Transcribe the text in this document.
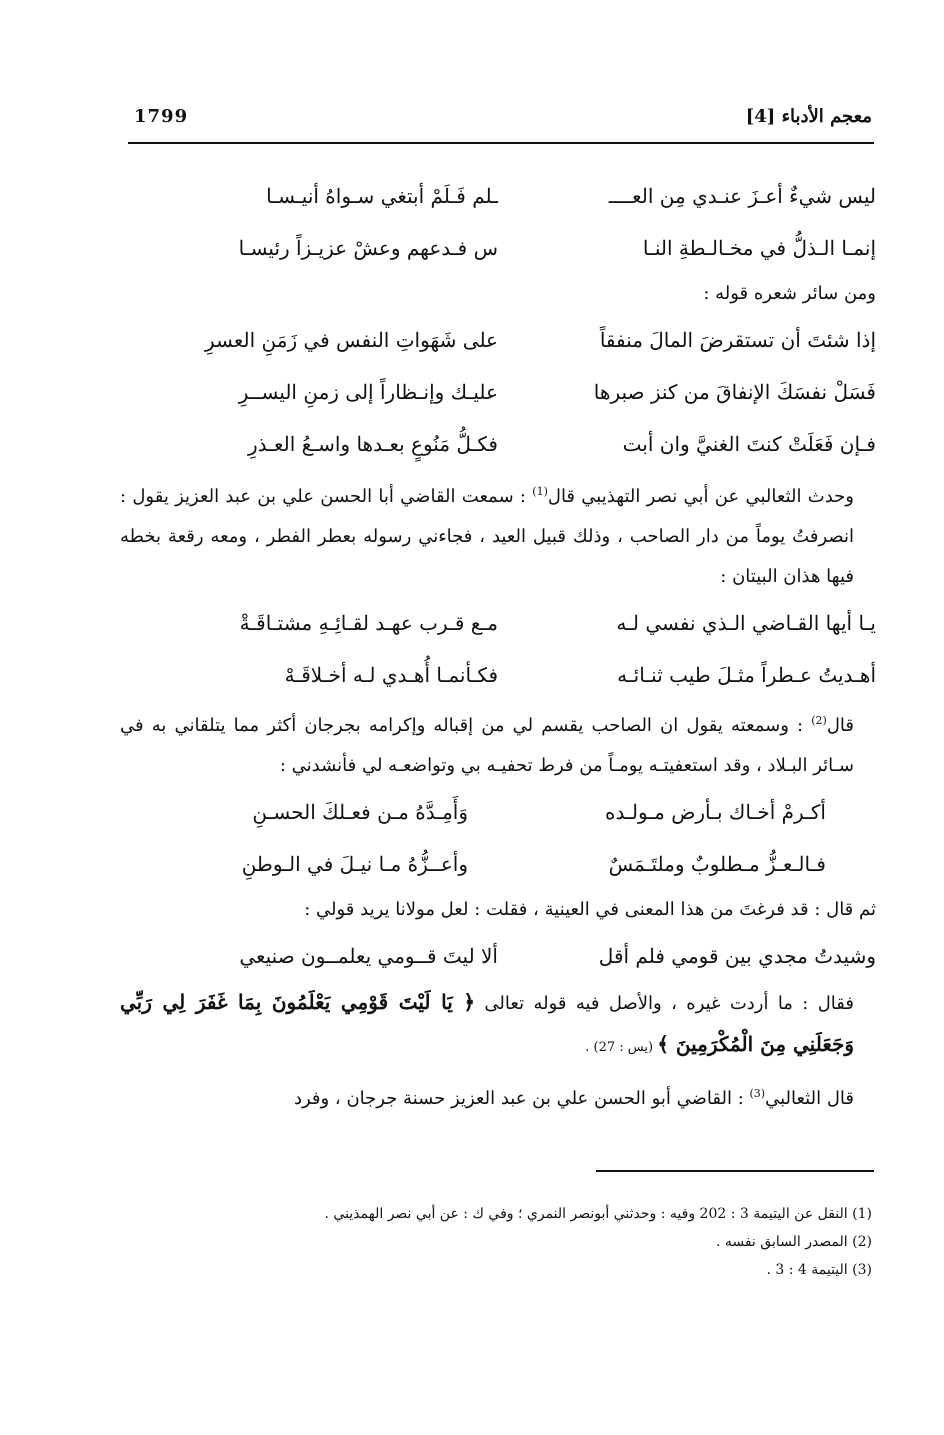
معجم الأدباء [4]
1799
ليس شيءٌ أعـزَ عنـدي مِن العــــ
ـلم فَـلَمْ أبتغي سـواهُ أنيـسـا
إنمـا الـذلُّ في مخـالـطةِ النـا
س فـدعهم وعشْ عزيـزاً رئيسـا
ومن سائر شعره قوله :
إذا شئتَ أن تستقرضَ المالَ منفقاً
على شَهَواتِ النفس في زَمَنِ العسرِ
فَسَلْ نفسَكَ الإنفاقَ من كنز صبرها
عليـك وإنـظاراً إلى زمنِ اليســرِ
فـإن فَعَلَتْ كنتَ الغنيَّ وان أبت
فكـلُّ مَنُوعٍ بعـدها واسـعُ العـذرِ

وحدث الثعالبي عن أبي نصر التهذيبي قال$^{(1)}$ : سمعت القاضي أبا الحسن علي بن عبد العزيز يقول : انصرفتُ يوماً من دار الصاحب ، وذلك قبيل العيد ، فجاءني رسوله بعطر الفطر ، ومعه رقعة بخطه فيها هذان البيتان :

يـا أيها القـاضي الـذي نفسي لـه
مـع قـرب عهـد لقـائِـهِ مشتـاقَـةْ
أهـديتُ عـطراً مثـلَ طيب ثنـائـه
فكـأنمـا أُهـدي لـه أخـلاقَـهْ

قال$^{(2)}$ : وسمعته يقول ان الصاحب يقسم لي من إقباله وإكرامه بجرجان أكثر مما يتلقاني به في سـائر البـلاد ، وقد استعفيتـه يومـاً من فرط تحفيـه بي وتواضعـه لي فأنشدني :

أكـرمْ أخـاك بـأرض مـولـده
وَأَمِـدَّهُ مـن فعـلكَ الحسـنِ
فـالـعـزُّ مـطلوبٌ وملتَـمَسٌ
وأعــزُّهُ مـا نيـلَ في الـوطنِ

ثم قال : قد فرغتَ من هذا المعنى في العينية ، فقلت : لعل مولانا يريد قولي :

وشيدتُ مجدي بين قومي فلم أقل
ألا ليتَ قــومي يعلمــون صنيعي

فقال : ما أردت غيره ، والأصل فيه قوله تعالى ﴿ يَا لَيْتَ قَوْمِي يَعْلَمُونَ بِمَا غَفَرَ لِي رَبِّي وَجَعَلَنِي مِنَ الْمُكْرَمِينَ ﴾ (يس : 27) .

قال الثعالبي$^{(3)}$ : القاضي أبو الحسن علي بن عبد العزيز حسنة جرجان ، وفرد

(1) النقل عن اليتيمة 3 : 202 وفيه : وحدثني أبونصر النمري ؛ وفي ك : عن أبي نصر الهمذيني .
(2) المصدر السابق نفسه .
(3) اليتيمة 4 : 3 .
